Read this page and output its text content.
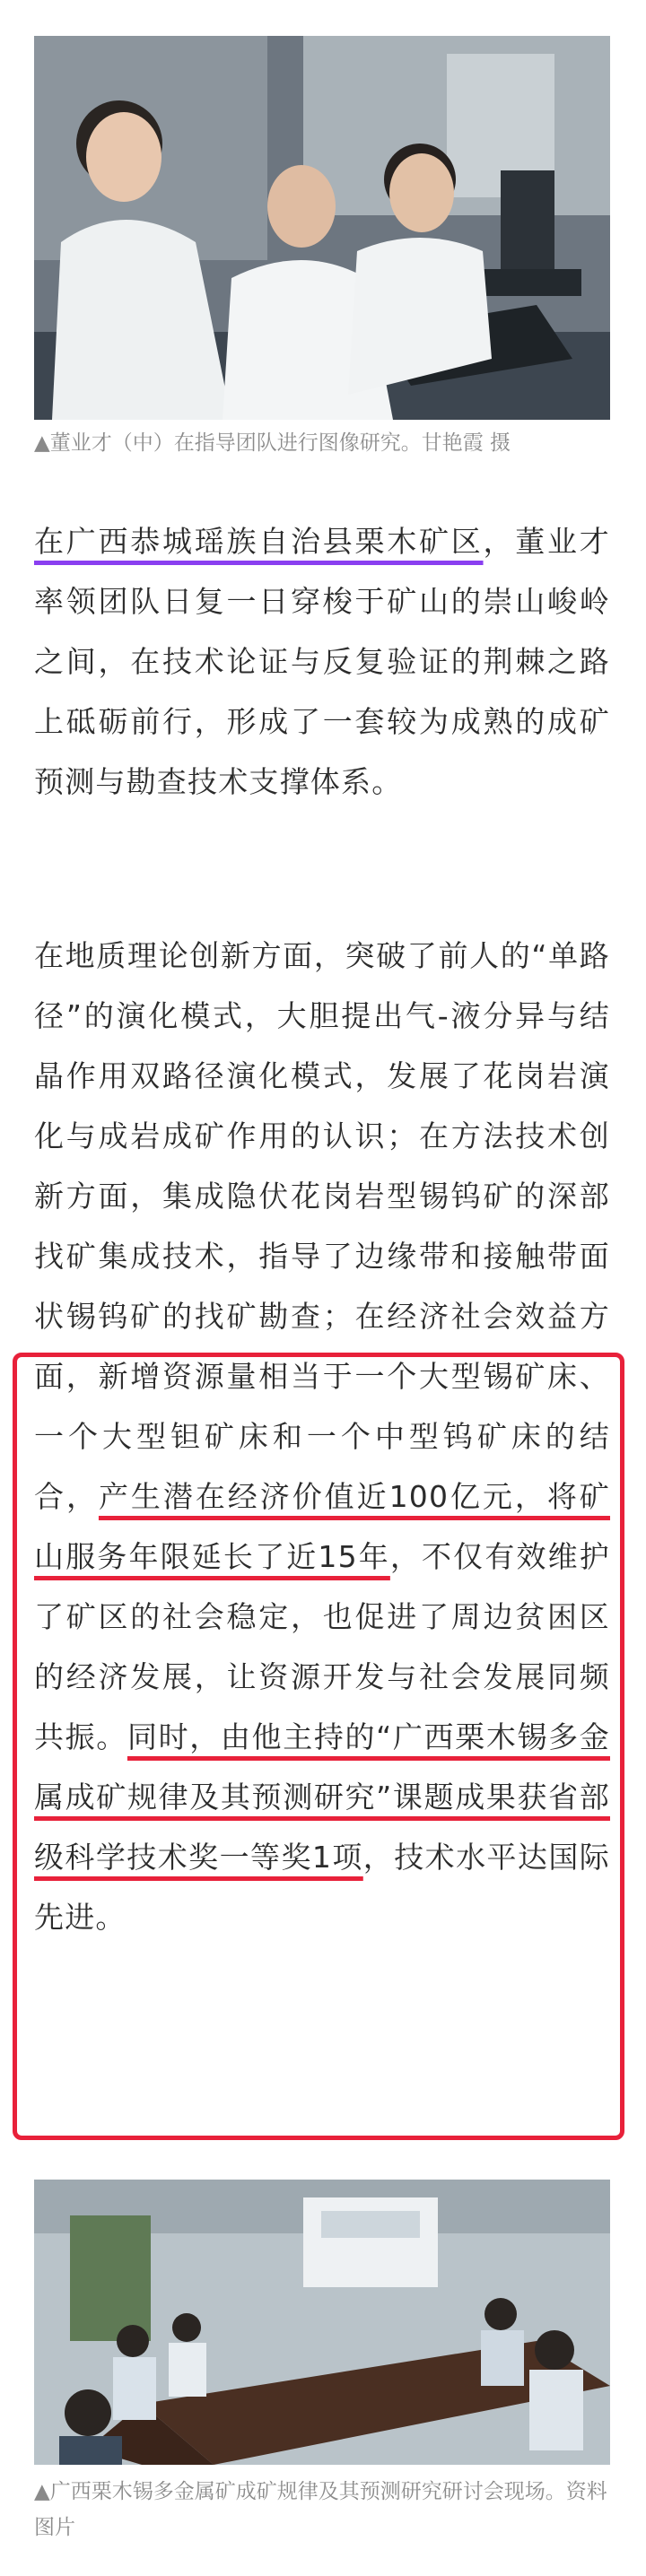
▲董业才（中）在指导团队进行图像研究。甘艳霞 摄
在广西恭城瑶族自治县栗木矿区，董业才率领团队日复一日穿梭于矿山的崇山峻岭之间，在技术论证与反复验证的荆棘之路上砥砺前行，形成了一套较为成熟的成矿预测与勘查技术支撑体系。
在地质理论创新方面，突破了前人的“单路径”的演化模式，大胆提出气-液分异与结晶作用双路径演化模式，发展了花岗岩演化与成岩成矿作用的认识；在方法技术创新方面，集成隐伏花岗岩型锡钨矿的深部找矿集成技术，指导了边缘带和接触带面状锡钨矿的找矿勘查；在经济社会效益方面，新增资源量相当于一个大型锡矿床、一个大型钽矿床和一个中型钨矿床的结合，产生潜在经济价值近100亿元，将矿山服务年限延长了近15年，不仅有效维护了矿区的社会稳定，也促进了周边贫困区的经济发展，让资源开发与社会发展同频共振。同时，由他主持的“广西栗木锡多金属成矿规律及其预测研究”课题成果获省部级科学技术奖一等奖1项，技术水平达国际先进。
▲广西栗木锡多金属矿成矿规律及其预测研究研讨会现场。资料图片
